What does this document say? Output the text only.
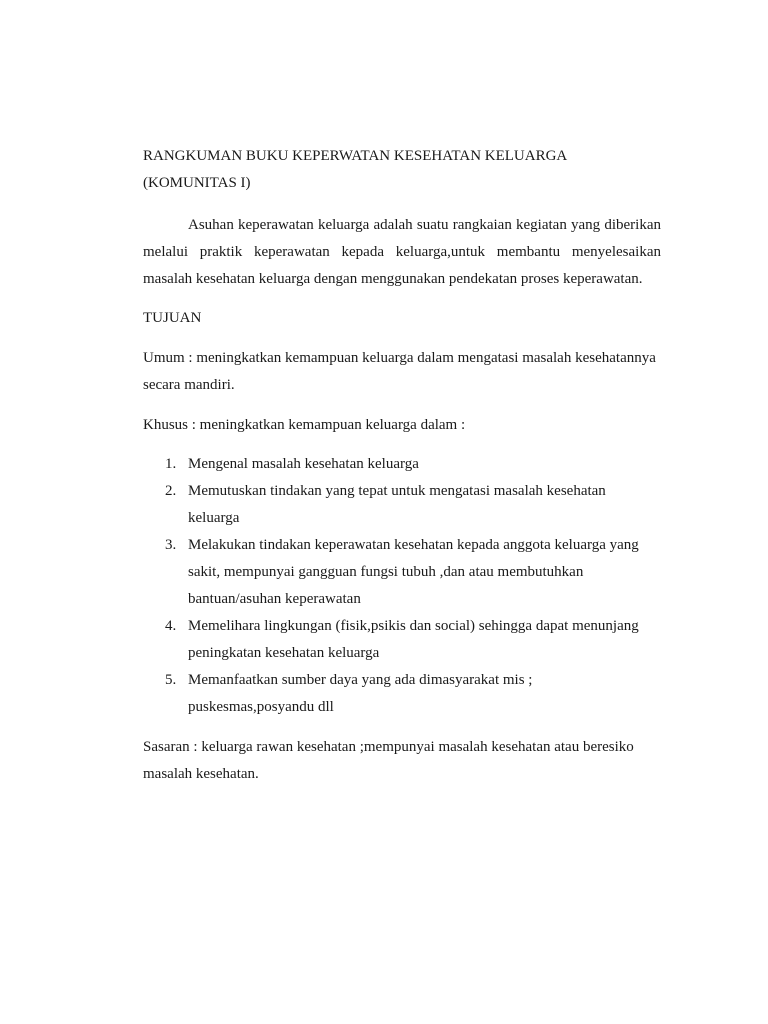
RANGKUMAN BUKU KEPERWATAN KESEHATAN KELUARGA

(KOMUNITAS I)

Asuhan keperawatan keluarga adalah suatu rangkaian kegiatan yang diberikan melalui praktik keperawatan kepada keluarga,untuk membantu menyelesaikan masalah kesehatan keluarga dengan menggunakan pendekatan proses keperawatan.

TUJUAN

Umum : meningkatkan kemampuan keluarga dalam mengatasi masalah kesehatannya secara mandiri.

Khusus : meningkatkan kemampuan keluarga dalam :

1. Mengenal masalah kesehatan keluarga
2. Memutuskan tindakan yang tepat untuk mengatasi masalah kesehatan keluarga
3. Melakukan tindakan keperawatan kesehatan kepada anggota keluarga yang sakit, mempunyai gangguan fungsi tubuh ,dan atau membutuhkan bantuan/asuhan keperawatan
4. Memelihara lingkungan (fisik,psikis dan social) sehingga dapat menunjang peningkatan kesehatan keluarga
5. Memanfaatkan sumber daya yang ada dimasyarakat mis ; puskesmas,posyandu dll

Sasaran : keluarga rawan kesehatan ;mempunyai masalah kesehatan atau beresiko masalah kesehatan.
